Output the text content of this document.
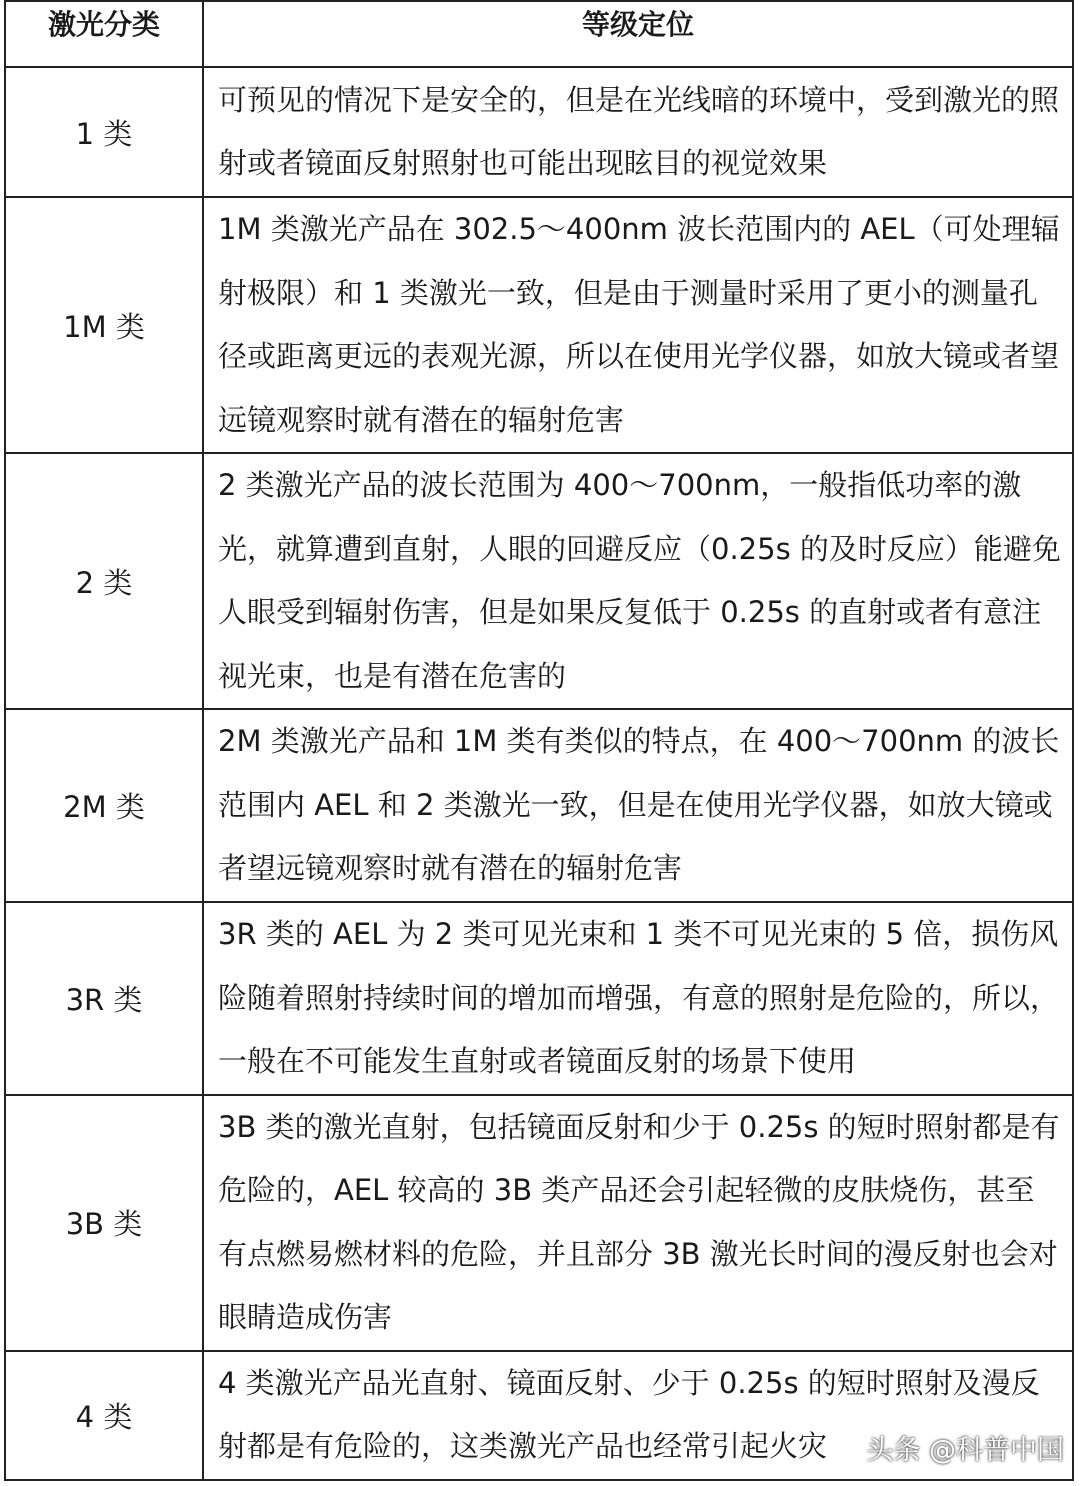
激光分类	等级定位
1 类	可预见的情况下是安全的，但是在光线暗的环境中，受到激光的照射或者镜面反射照射也可能出现眩目的视觉效果
1M 类	1M 类激光产品在 302.5～400nm 波长范围内的 AEL（可处理辐射极限）和 1 类激光一致，但是由于测量时采用了更小的测量孔径或距离更远的表观光源，所以在使用光学仪器，如放大镜或者望远镜观察时就有潜在的辐射危害
2 类	2 类激光产品的波长范围为 400～700nm，一般指低功率的激光，就算遭到直射，人眼的回避反应（0.25s 的及时反应）能避免人眼受到辐射伤害，但是如果反复低于 0.25s 的直射或者有意注视光束，也是有潜在危害的
2M 类	2M 类激光产品和 1M 类有类似的特点，在 400～700nm 的波长范围内 AEL 和 2 类激光一致，但是在使用光学仪器，如放大镜或者望远镜观察时就有潜在的辐射危害
3R 类	3R 类的 AEL 为 2 类可见光束和 1 类不可见光束的 5 倍，损伤风险随着照射持续时间的增加而增强，有意的照射是危险的，所以，一般在不可能发生直射或者镜面反射的场景下使用
3B 类	3B 类的激光直射，包括镜面反射和少于 0.25s 的短时照射都是有危险的，AEL 较高的 3B 类产品还会引起轻微的皮肤烧伤，甚至有点燃易燃材料的危险，并且部分 3B 激光长时间的漫反射也会对眼睛造成伤害
4 类	4 类激光产品光直射、镜面反射、少于 0.25s 的短时照射及漫反射都是有危险的，这类激光产品也经常引起火灾 头条 @科普中国
